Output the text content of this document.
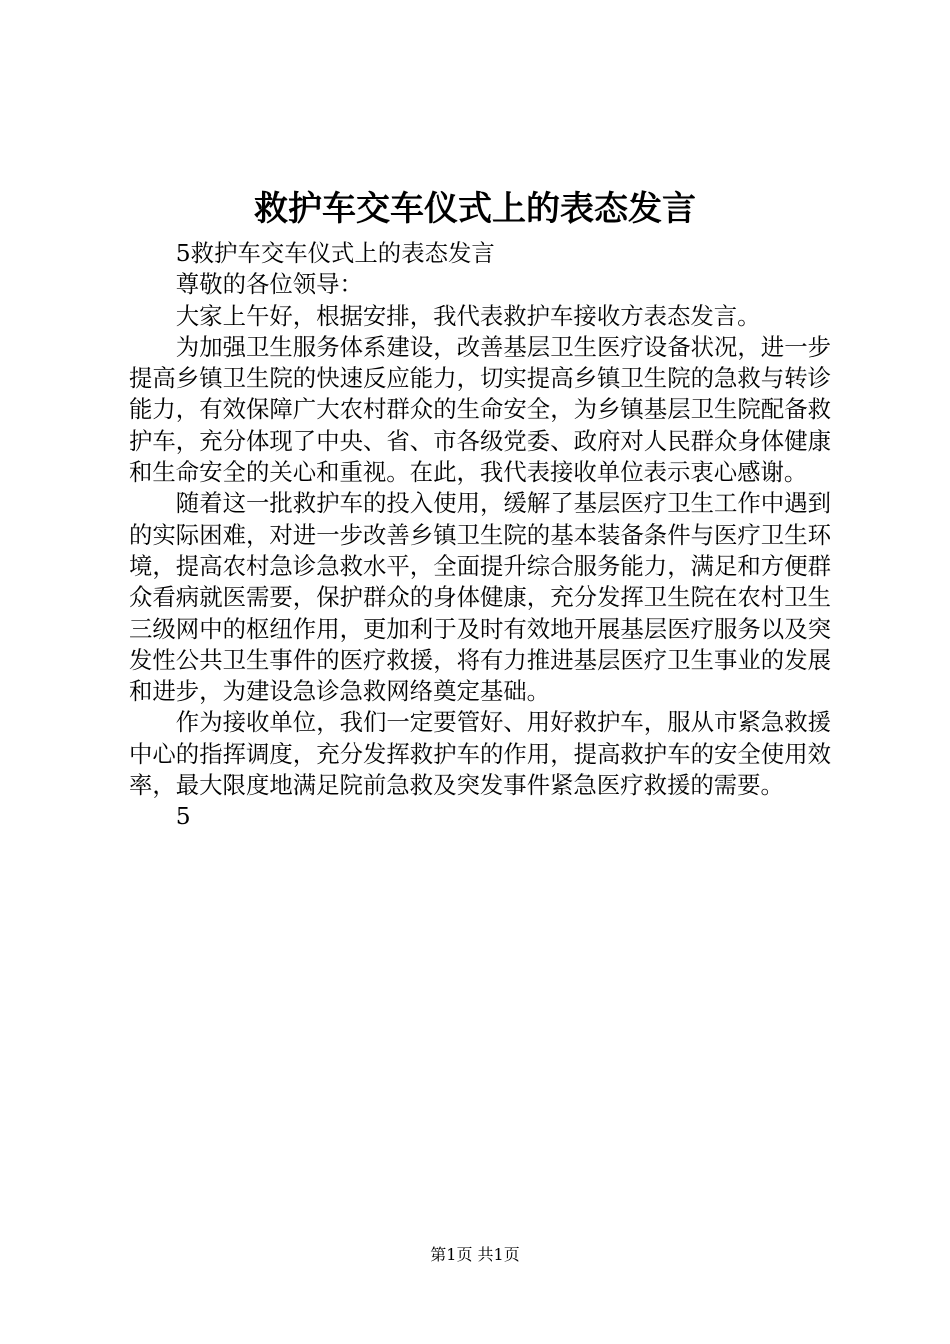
救护车交车仪式上的表态发言

5救护车交车仪式上的表态发言

尊敬的各位领导：

大家上午好，根据安排，我代表救护车接收方表态发言。

为加强卫生服务体系建设，改善基层卫生医疗设备状况，进一步提高乡镇卫生院的快速反应能力，切实提高乡镇卫生院的急救与转诊能力，有效保障广大农村群众的生命安全，为乡镇基层卫生院配备救护车，充分体现了中央、省、市各级党委、政府对人民群众身体健康和生命安全的关心和重视。在此，我代表接收单位表示衷心感谢。

随着这一批救护车的投入使用，缓解了基层医疗卫生工作中遇到的实际困难，对进一步改善乡镇卫生院的基本装备条件与医疗卫生环境，提高农村急诊急救水平，全面提升综合服务能力，满足和方便群众看病就医需要，保护群众的身体健康，充分发挥卫生院在农村卫生三级网中的枢纽作用，更加利于及时有效地开展基层医疗服务以及突发性公共卫生事件的医疗救援，将有力推进基层医疗卫生事业的发展和进步，为建设急诊急救网络奠定基础。

作为接收单位，我们一定要管好、用好救护车，服从市紧急救援中心的指挥调度，充分发挥救护车的作用，提高救护车的安全使用效率，最大限度地满足院前急救及突发事件紧急医疗救援的需要。

5

第1页 共1页
